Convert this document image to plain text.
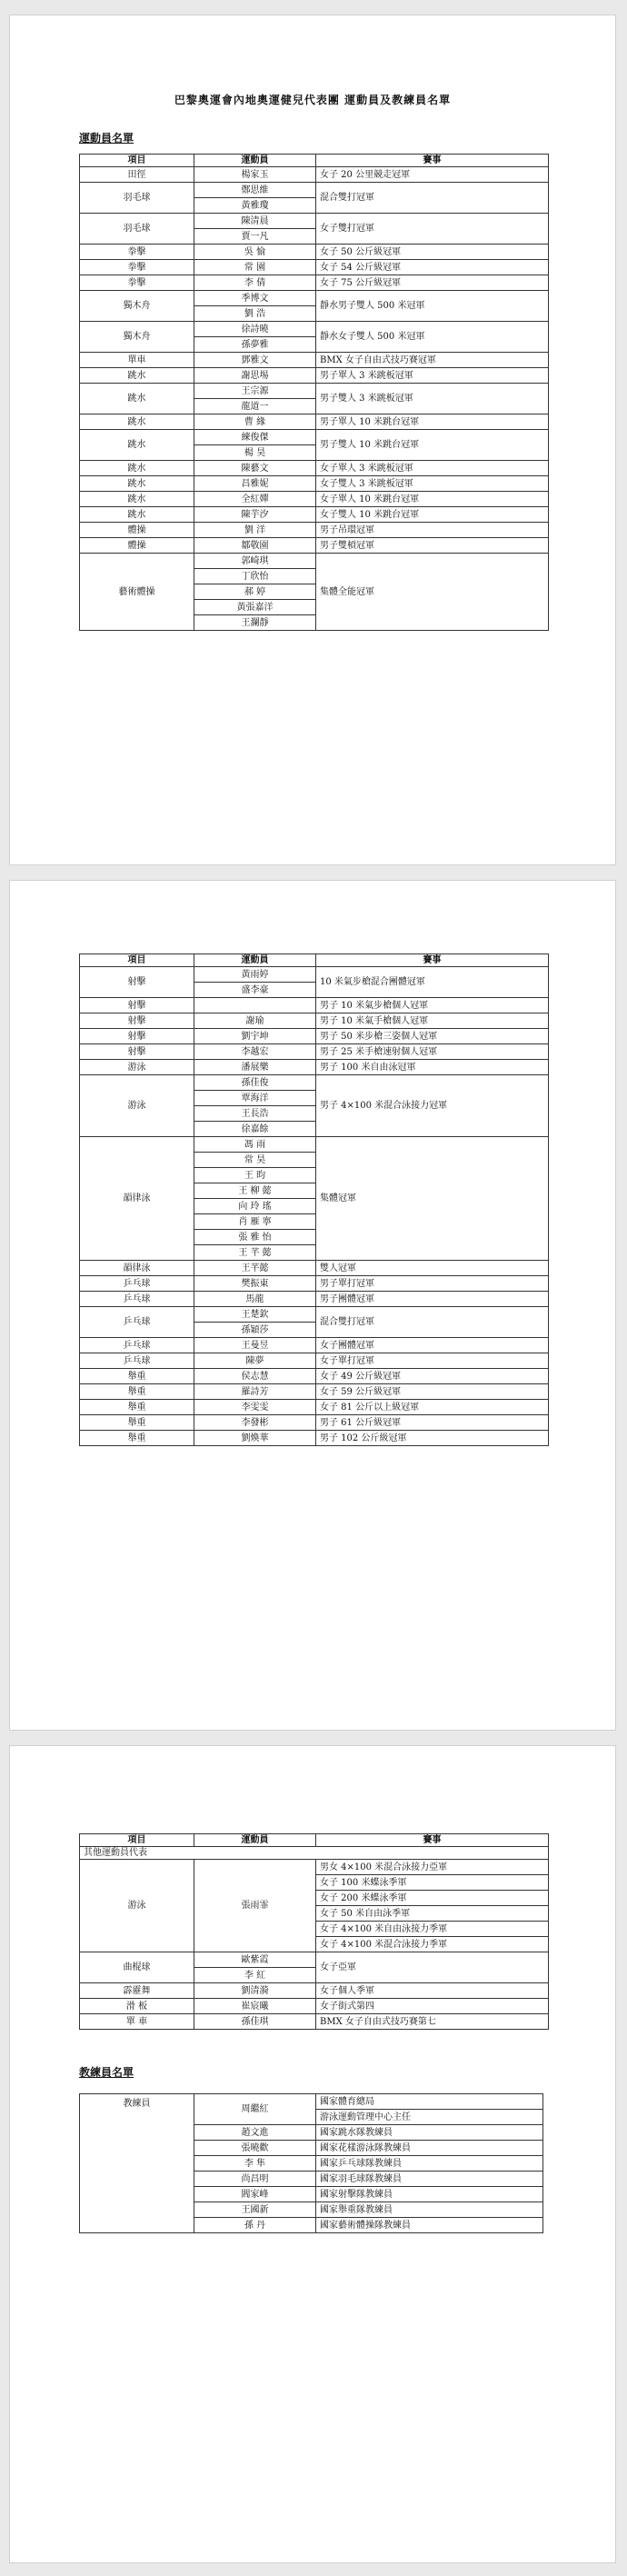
巴黎奧運會內地奧運健兒代表團 運動員及教練員名單
運動員名單
項目	運動員	賽事
田徑	楊家玉	女子 20 公里競走冠軍
羽毛球	鄭思維	混合雙打冠軍
	黃雅瓊	
羽毛球	陳清晨	女子雙打冠軍
	賈一凡	
拳擊	吳 愉	女子 50 公斤級冠軍
拳擊	常 園	女子 54 公斤級冠軍
拳擊	李 倩	女子 75 公斤級冠軍
獨木舟	季博文	靜水男子雙人 500 米冠軍
	劉 浩	
獨木舟	徐詩曉	靜水女子雙人 500 米冠軍
	孫夢雅	
單車	鄧雅文	BMX 女子自由式技巧賽冠軍
跳水	謝思埸	男子單人 3 米跳板冠軍
跳水	王宗源	男子雙人 3 米跳板冠軍
	龍道一	
跳水	曹 緣	男子單人 10 米跳台冠軍
跳水	練俊傑	男子雙人 10 米跳台冠軍
	楊 昊	
跳水	陳藝文	女子單人 3 米跳板冠軍
跳水	昌雅妮	女子雙人 3 米跳板冠軍
跳水	全紅嬋	女子單人 10 米跳台冠軍
跳水	陳芋汐	女子雙人 10 米跳台冠軍
體操	劉 洋	男子吊環冠軍
體操	鄒敬園	男子雙槓冠軍
藝術體操	郭崎琪	集體全能冠軍
	丁欣怡	
	郝 婷	
	黃張嘉洋	
	王瀾靜	
項目	運動員	賽事
射擊	黃雨婷	10 米氣步槍混合團體冠軍
	盛李豪	
射擊		男子 10 米氣步槍個人冠軍
射擊	謝瑜	男子 10 米氣手槍個人冠軍
射擊	劉宇坤	男子 50 米步槍三姿個人冠軍
射擊	李越宏	男子 25 米手槍速射個人冠軍
游泳	潘展樂	男子 100 米自由泳冠軍
游泳	孫佳俊	男子 4×100 米混合泳接力冠軍
	覃海洋	
	王長浩	
	徐嘉餘	
韻律泳	馮 雨	集體冠軍
	常 昊	
	王 昀	
	王 柳 懿	
	向 玲 瑤	
	肖 雁 寧	
	張 雅 怡	
	王 芊 懿	
韻律泳	王芊懿	雙人冠軍
乒乓球	樊振東	男子單打冠軍
乒乓球	馬龍	男子團體冠軍
乒乓球	王楚欽	混合雙打冠軍
	孫穎莎	
乒乓球	王曼昱	女子團體冠軍
乒乓球	陳夢	女子單打冠軍
舉重	侯志慧	女子 49 公斤級冠軍
舉重	羅詩芳	女子 59 公斤級冠軍
舉重	李雯雯	女子 81 公斤以上級冠軍
舉重	李發彬	男子 61 公斤級冠軍
舉重	劉煥華	男子 102 公斤級冠軍
項目	運動員	賽事
其他運動員代表		
游泳	張雨霏	男女 4×100 米混合泳接力亞軍
		女子 100 米蝶泳季軍
		女子 200 米蝶泳季軍
		女子 50 米自由泳季軍
		女子 4×100 米自由泳接力季軍
		女子 4×100 米混合泳接力季軍
曲棍球	歐紫霞	女子亞軍
	李 紅	
霹靂舞	劉清漪	女子個人季軍
滑 板	崔宸曦	女子街式第四
單 車	孫佳琪	BMX 女子自由式技巧賽第七
教練員名單
教練員	周繼紅	國家體育總局
		游泳運動管理中心主任
	趙文進	國家跳水隊教練員
	張曉歡	國家花樣游泳隊教練員
	李 隼	國家乒乓球隊教練員
	尚昌明	國家羽毛球隊教練員
	閻家峰	國家射擊隊教練員
	王國新	國家舉重隊教練員
	孫 丹	國家藝術體操隊教練員
